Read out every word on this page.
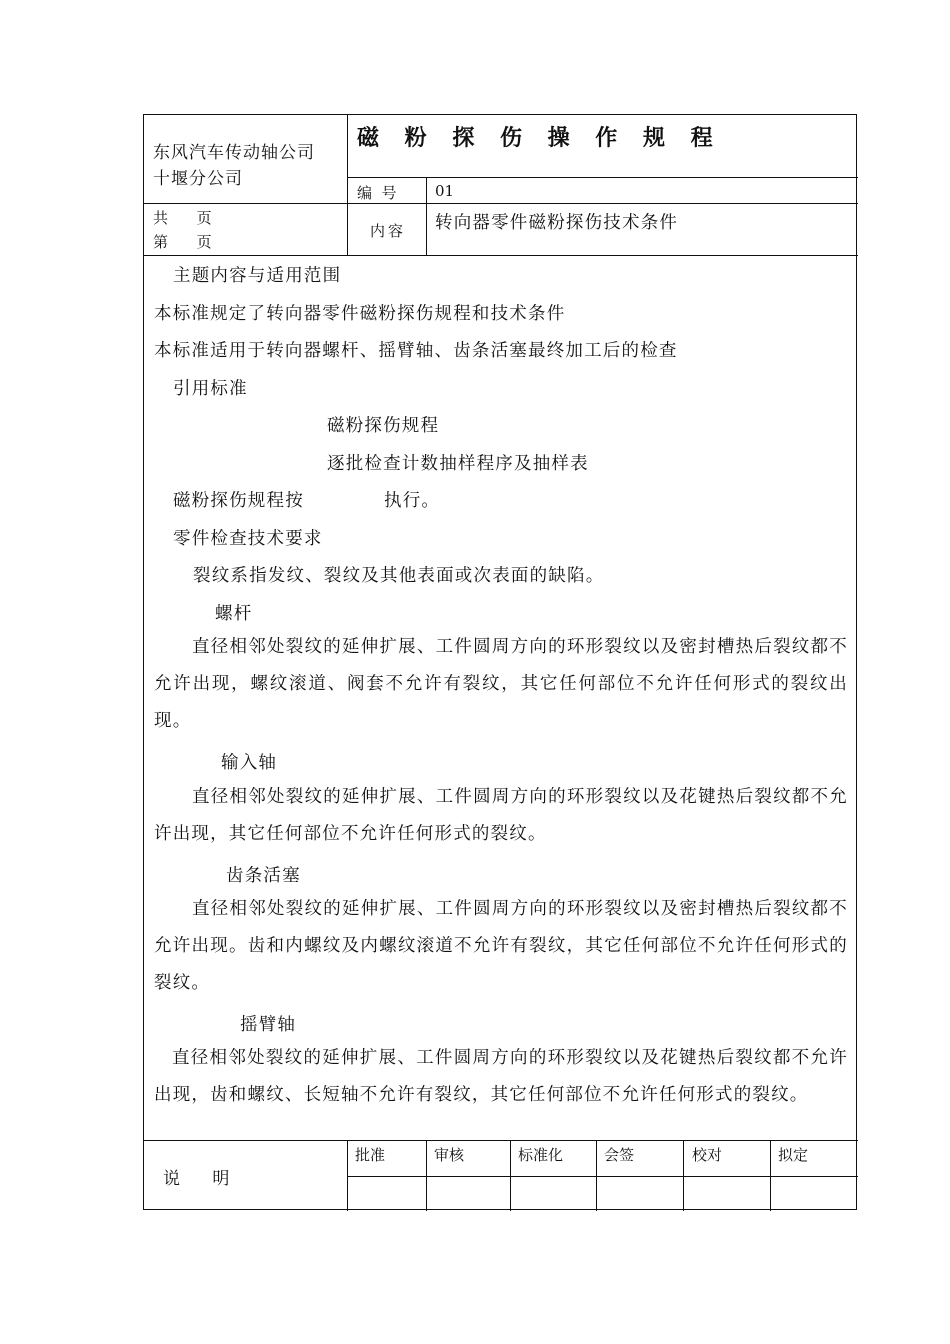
东风汽车传动轴公司
十堰分公司
磁 粉 探 伤 操 作 规 程
编  号	01
共      页
第      页
内容 转向器零件磁粉探伤技术条件
主题内容与适用范围
本标准规定了转向器零件磁粉探伤规程和技术条件
本标准适用于转向器螺杆、摇臂轴、齿条活塞最终加工后的检查
引用标准
磁粉探伤规程
逐批检查计数抽样程序及抽样表
磁粉探伤规程按	执行。
零件检查技术要求
裂纹系指发纹、裂纹及其他表面或次表面的缺陷。
螺杆
直径相邻处裂纹的延伸扩展、工件圆周方向的环形裂纹以及密封槽热后裂纹都不允许出现，螺纹滚道、阀套不允许有裂纹，其它任何部位不允许任何形式的裂纹出现。
输入轴
直径相邻处裂纹的延伸扩展、工件圆周方向的环形裂纹以及花键热后裂纹都不允许出现，其它任何部位不允许任何形式的裂纹。
齿条活塞
直径相邻处裂纹的延伸扩展、工件圆周方向的环形裂纹以及密封槽热后裂纹都不允许出现。齿和内螺纹及内螺纹滚道不允许有裂纹，其它任何部位不允许任何形式的裂纹。
摇臂轴
直径相邻处裂纹的延伸扩展、工件圆周方向的环形裂纹以及花键热后裂纹都不允许出现，齿和螺纹、长短轴不允许有裂纹，其它任何部位不允许任何形式的裂纹。
说      明
批准	审核	标准化	会签	校对	拟定
